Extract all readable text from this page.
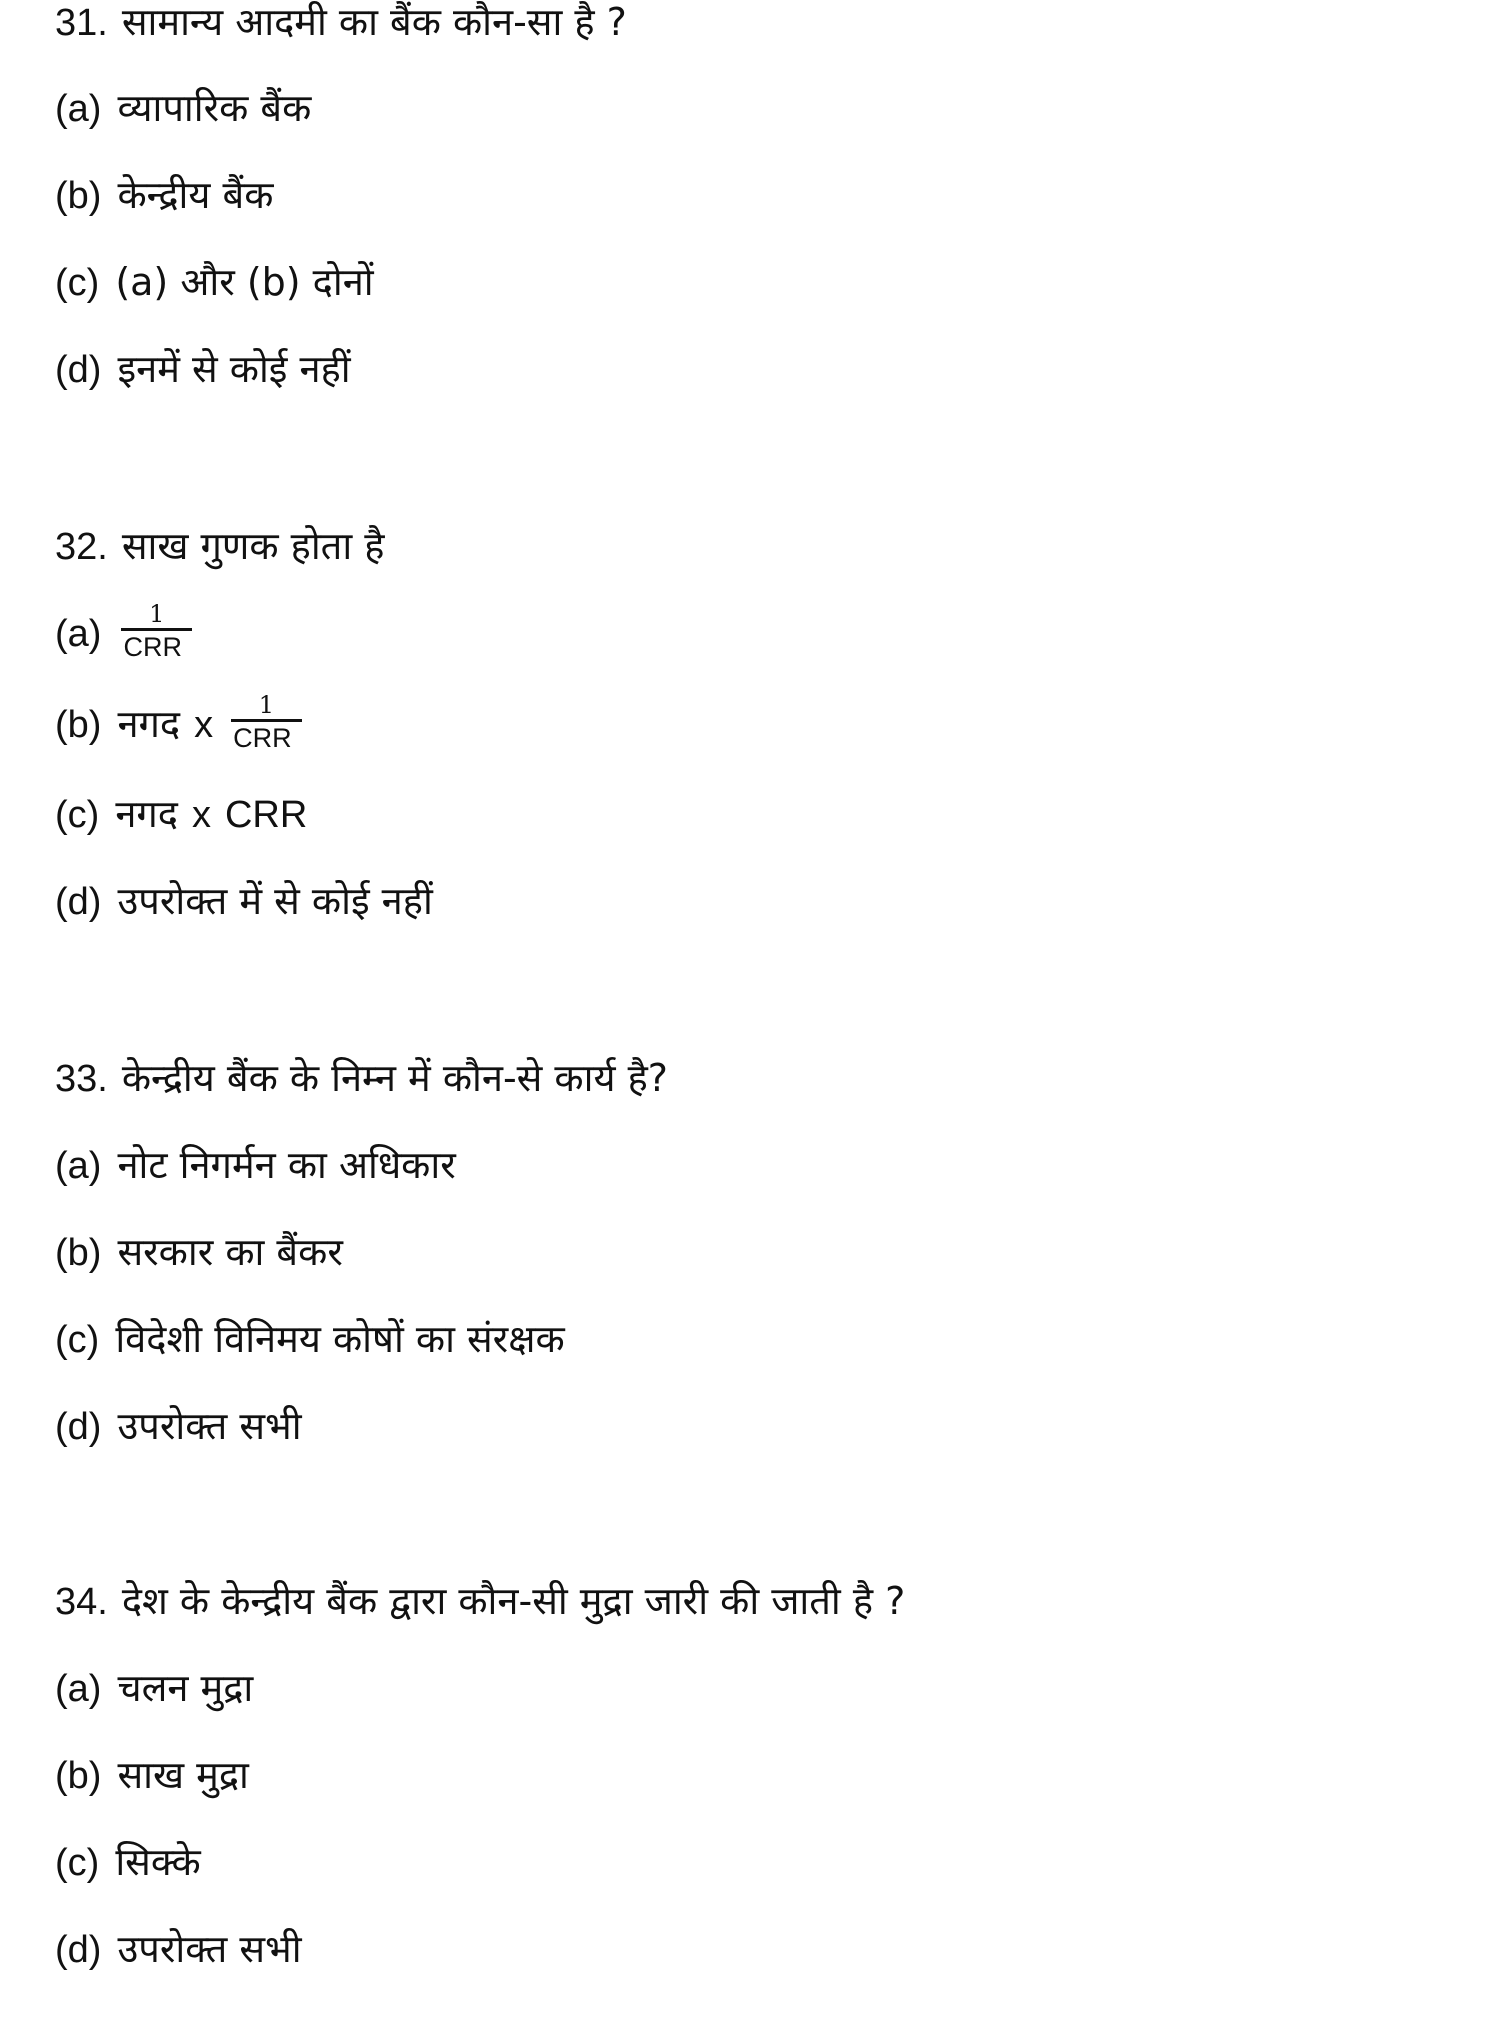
31. सामान्य आदमी का बैंक कौन-सा है ?
(a) व्यापारिक बैंक
(b) केन्द्रीय बैंक
(c) (a) और (b) दोनों
(d) इनमें से कोई नहीं
32. साख गुणक होता है
$(a) \frac{1}{\text{CRR}}$
(b) नगद x $\frac{1}{\text{CRR}}$
(c) नगद x CRR
(d) उपरोक्त में से कोई नहीं
33. केन्द्रीय बैंक के निम्न में कौन-से कार्य है?
(a) नोट निगर्मन का अधिकार
(b) सरकार का बैंकर
(c) विदेशी विनिमय कोषों का संरक्षक
(d) उपरोक्त सभी
34. देश के केन्द्रीय बैंक द्वारा कौन-सी मुद्रा जारी की जाती है ?
(a) चलन मुद्रा
(b) साख मुद्रा
(c) सिक्के
(d) उपरोक्त सभी
